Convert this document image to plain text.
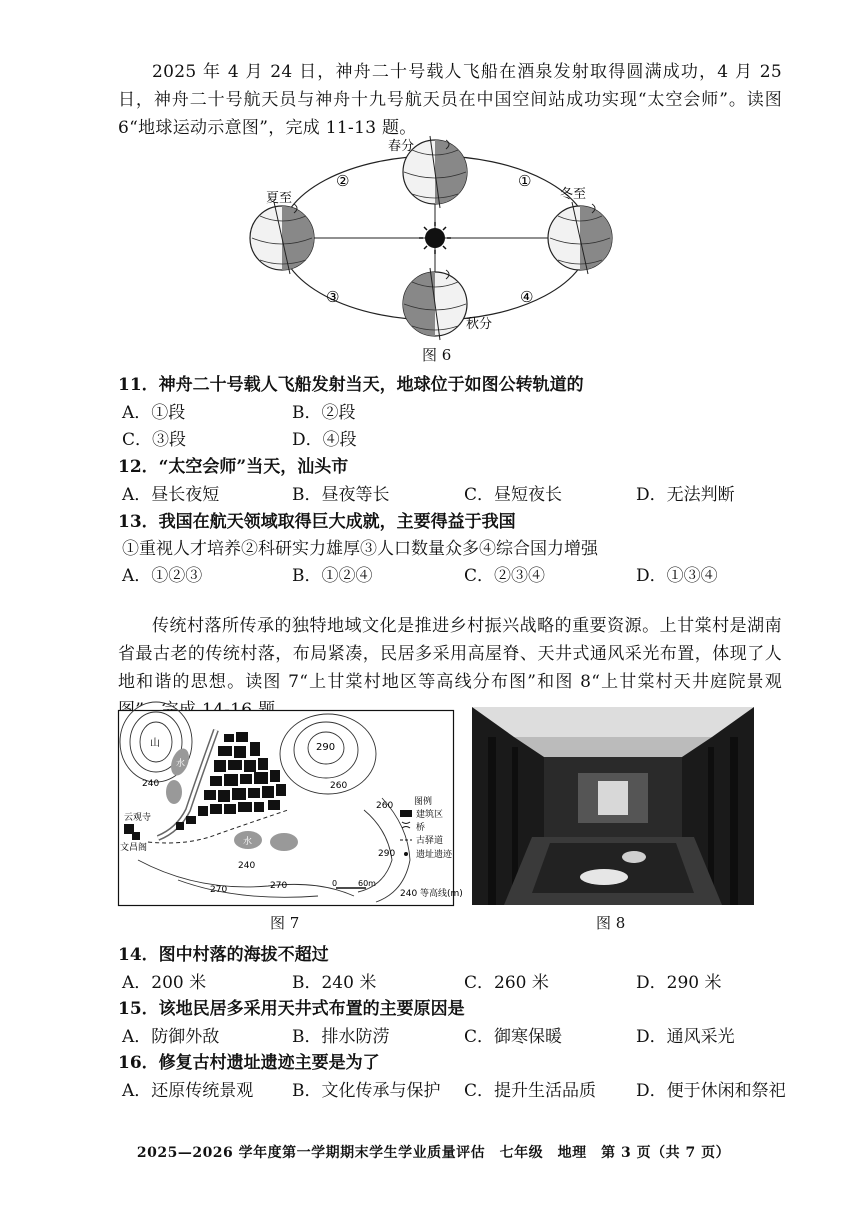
2025 年 4 月 24 日，神舟二十号载人飞船在酒泉发射取得圆满成功，4 月 25 日，神舟二十号航天员与神舟十九号航天员在中国空间站成功实现“太空会师”。读图 6“地球运动示意图”，完成 11-13 题。
春分
夏至	冬至
秋分
②	①
③	④
图 6
11．神舟二十号载人飞船发射当天，地球位于如图公转轨道的
A．①段	B．②段
C．③段	D．④段
12．“太空会师”当天，汕头市
A．昼长夜短	B．昼夜等长	C．昼短夜长	D．无法判断
13．我国在航天领域取得巨大成就，主要得益于我国
①重视人才培养②科研实力雄厚③人口数量众多④综合国力增强
A．①②③	B．①②④	C．②③④	D．①③④
传统村落所传承的独特地域文化是推进乡村振兴战略的重要资源。上甘棠村是湖南省最古老的传统村落，布局紧凑，民居多采用高屋脊、天井式通风采光布置，体现了人地和谐的思想。读图 7“上甘棠村地区等高线分布图”和图 8“上甘棠村天井庭院景观
山	290
240	260
260
290
240
270	270
水
水
云观寺
文昌阁
图例
建筑区
桥
古驿道
遗址遗迹
240 等高线(m)
0	60m
图 7	图 8
14．图中村落的海拔不超过
A．200 米	B．240 米	C．260 米	D．290 米
15．该地民居多采用天井式布置的主要原因是
A．防御外敌	B．排水防涝	C．御寒保暖	D．通风采光
16．修复古村遗址遗迹主要是为了
A．还原传统景观 B．文化传承与保护 C．提升生活品质 D．便于休闲和祭祀
2025—2026 学年度第一学期期末学生学业质量评估　七年级　地理　第 3 页（共 7 页）
